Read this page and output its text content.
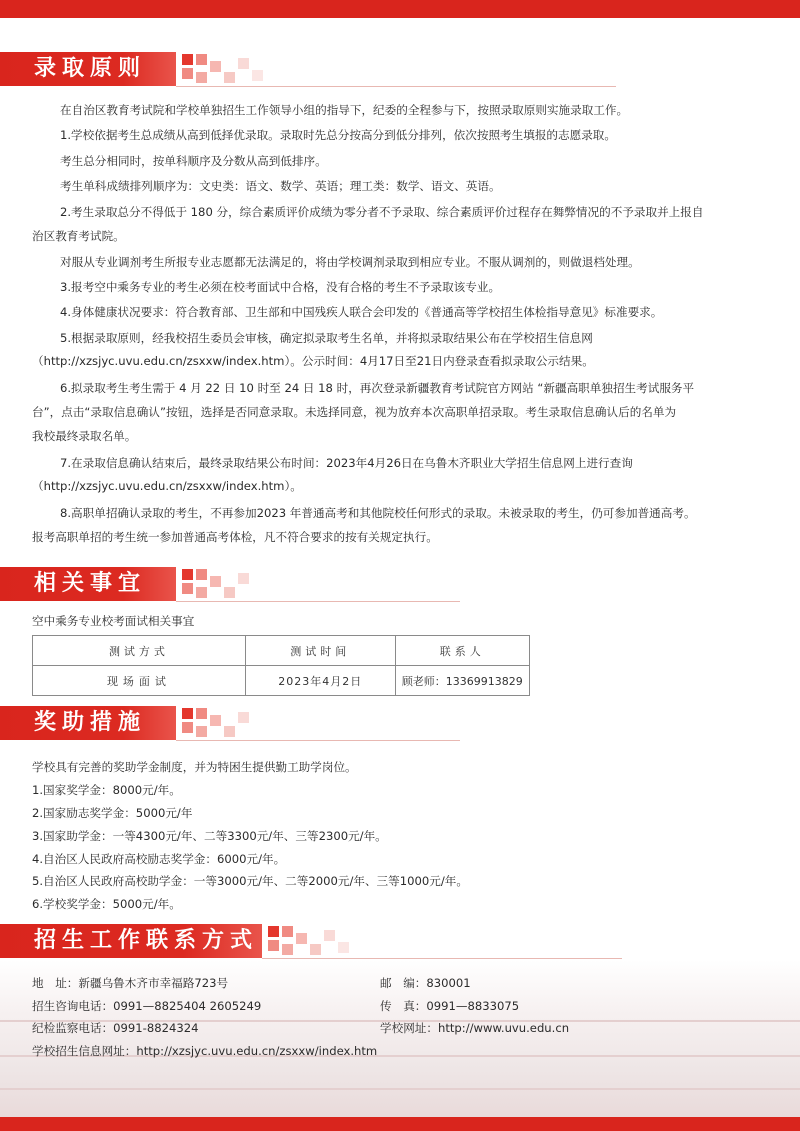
录取原则
在自治区教育考试院和学校单独招生工作领导小组的指导下，纪委的全程参与下，按照录取原则实施录取工作。
1.学校依据考生总成绩从高到低择优录取。录取时先总分按高分到低分排列，依次按照考生填报的志愿录取。
考生总分相同时，按单科顺序及分数从高到低排序。
考生单科成绩排列顺序为：文史类：语文、数学、英语；理工类：数学、语文、英语。
2.考生录取总分不得低于 180 分，综合素质评价成绩为零分者不予录取、综合素质评价过程存在舞弊情况的不予录取并上报自
治区教育考试院。
对服从专业调剂考生所报专业志愿都无法满足的，将由学校调剂录取到相应专业。不服从调剂的，则做退档处理。
3.报考空中乘务专业的考生必须在校考面试中合格，没有合格的考生不予录取该专业。
4.身体健康状况要求：符合教育部、卫生部和中国残疾人联合会印发的《普通高等学校招生体检指导意见》标准要求。
5.根据录取原则，经我校招生委员会审核，确定拟录取考生名单，并将拟录取结果公布在学校招生信息网
（http://xzsjyc.uvu.edu.cn/zsxxw/index.htm）。公示时间：4月17日至21日内登录查看拟录取公示结果。
6.拟录取考生考生需于 4 月 22 日 10 时至 24 日 18 时，再次登录新疆教育考试院官方网站 “新疆高职单独招生考试服务平
台”，点击“录取信息确认”按钮，选择是否同意录取。未选择同意，视为放弃本次高职单招录取。考生录取信息确认后的名单为
我校最终录取名单。
7.在录取信息确认结束后，最终录取结果公布时间：2023年4月26日在乌鲁木齐职业大学招生信息网上进行查询
（http://xzsjyc.uvu.edu.cn/zsxxw/index.htm）。
8.高职单招确认录取的考生，不再参加2023 年普通高考和其他院校任何形式的录取。未被录取的考生，仍可参加普通高考。
报考高职单招的考生统一参加普通高考体检，凡不符合要求的按有关规定执行。
相关事宜
空中乘务专业校考面试相关事宜
测试方式	测试时间	联系人
现场面试	2023年4月2日	顾老师：13369913829
奖助措施
学校具有完善的奖助学金制度，并为特困生提供勤工助学岗位。
1.国家奖学金：8000元/年。
2.国家励志奖学金：5000元/年
3.国家助学金：一等4300元/年、二等3300元/年、三等2300元/年。
4.自治区人民政府高校励志奖学金：6000元/年。
5.自治区人民政府高校助学金：一等3000元/年、二等2000元/年、三等1000元/年。
6.学校奖学金：5000元/年。
招生工作联系方式
地　址：新疆乌鲁木齐市幸福路723号
招生咨询电话：0991—8825404 2605249
纪检监察电话：0991-8824324
学校招生信息网址：http://xzsjyc.uvu.edu.cn/zsxxw/index.htm
邮　编：830001
传　真：0991—8833075
学校网址：http://www.uvu.edu.cn
